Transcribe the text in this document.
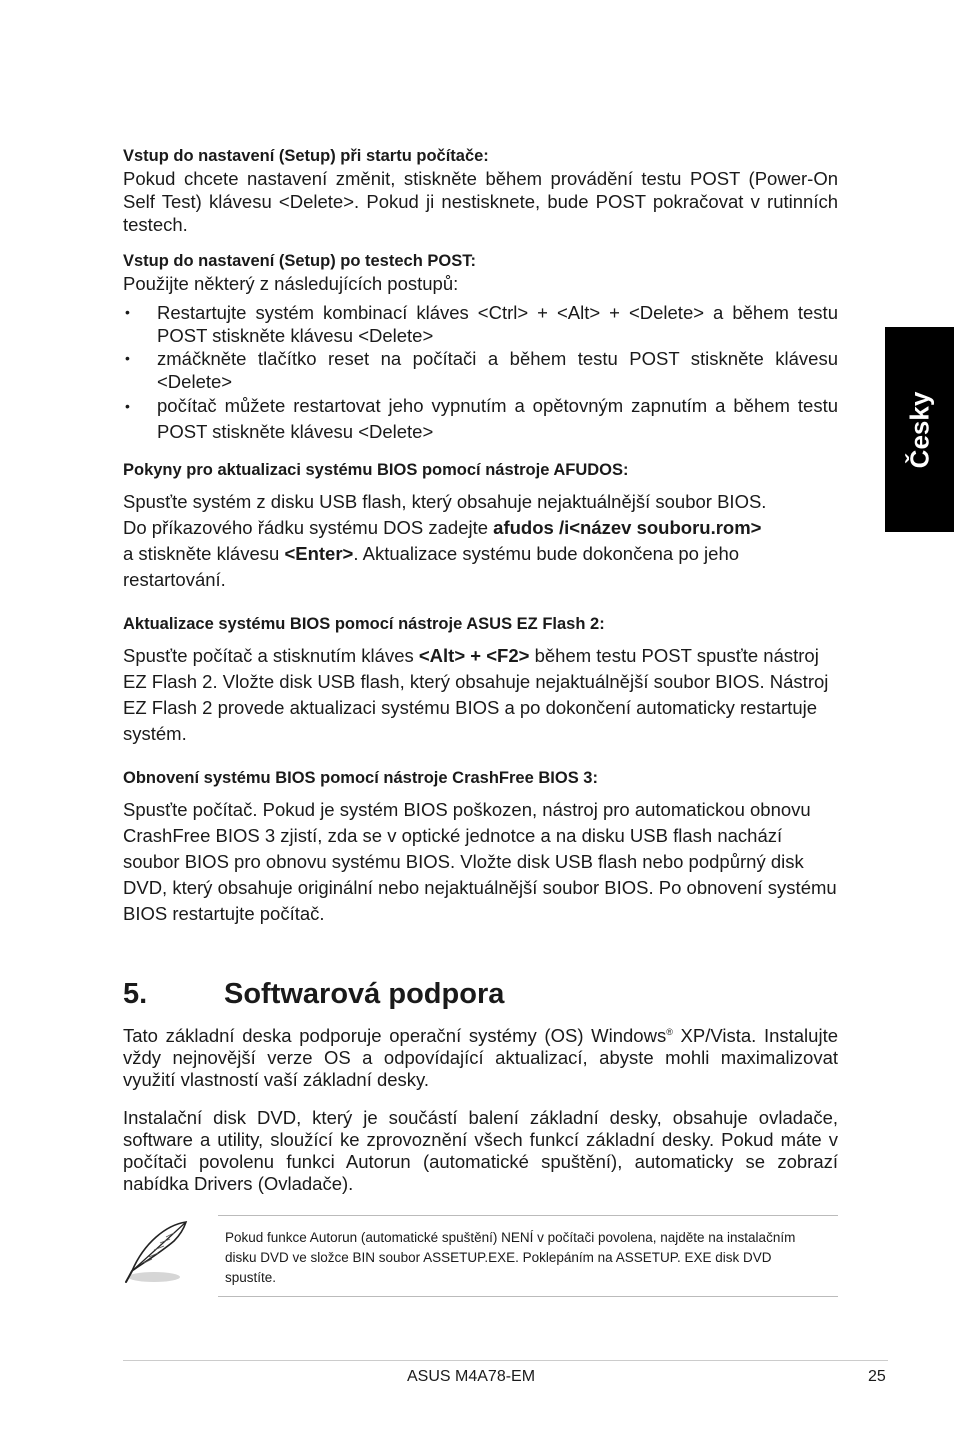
Česky
Vstup do nastavení (Setup) při startu počítače:

Pokud chcete nastavení změnit, stiskněte během provádění testu POST (Power-On Self Test) klávesu <Delete>. Pokud ji nestisknete, bude POST pokračovat v rutinních testech.

Vstup do nastavení (Setup) po testech POST:

Použijte některý z následujících postupů:

• Restartujte systém kombinací kláves <Ctrl> + <Alt> + <Delete> a během testu POST stiskněte klávesu <Delete>
• zmáčkněte tlačítko reset na počítači a během testu POST stiskněte klávesu <Delete>
• počítač můžete restartovat jeho vypnutím a opětovným zapnutím a během testu POST stiskněte klávesu <Delete>
Pokyny pro aktualizaci systému BIOS pomocí nástroje AFUDOS:

Spusťte systém z disku USB flash, který obsahuje nejaktuálnější soubor BIOS.
Do příkazového řádku systému DOS zadejte afudos /i<název souboru.rom>
a stiskněte klávesu <Enter>. Aktualizace systému bude dokončena po jeho restartování.

Aktualizace systému BIOS pomocí nástroje ASUS EZ Flash 2:

Spusťte počítač a stisknutím kláves <Alt> + <F2> během testu POST spusťte nástroj EZ Flash 2. Vložte disk USB flash, který obsahuje nejaktuálnější soubor BIOS. Nástroj EZ Flash 2 provede aktualizaci systému BIOS a po dokončení automaticky restartuje systém.

Obnovení systému BIOS pomocí nástroje CrashFree BIOS 3:

Spusťte počítač. Pokud je systém BIOS poškozen, nástroj pro automatickou obnovu CrashFree BIOS 3 zjistí, zda se v optické jednotce a na disku USB flash nachází soubor BIOS pro obnovu systému BIOS. Vložte disk USB flash nebo podpůrný disk DVD, který obsahuje originální nebo nejaktuálnější soubor BIOS. Po obnovení systému BIOS restartujte počítač.

5.	Softwarová podpora

Tato základní deska podporuje operační systémy (OS) Windows® XP/Vista. Instalujte vždy nejnovější verze OS a odpovídající aktualizací, abyste mohli maximalizovat využití vlastností vaší základní desky.

Instalační disk DVD, který je součástí balení základní desky, obsahuje ovladače, software a utility, sloužící ke zprovoznění všech funkcí základní desky. Pokud máte v počítači povolenu funkci Autorun (automatické spuštění), automaticky se zobrazí nabídka Drivers (Ovladače).

Pokud funkce Autorun (automatické spuštění) NENÍ v počítači povolena, najděte na instalačním disku DVD ve složce BIN soubor ASSETUP.EXE. Poklepáním na ASSETUP. EXE disk DVD spustíte.
ASUS M4A78-EM	25
